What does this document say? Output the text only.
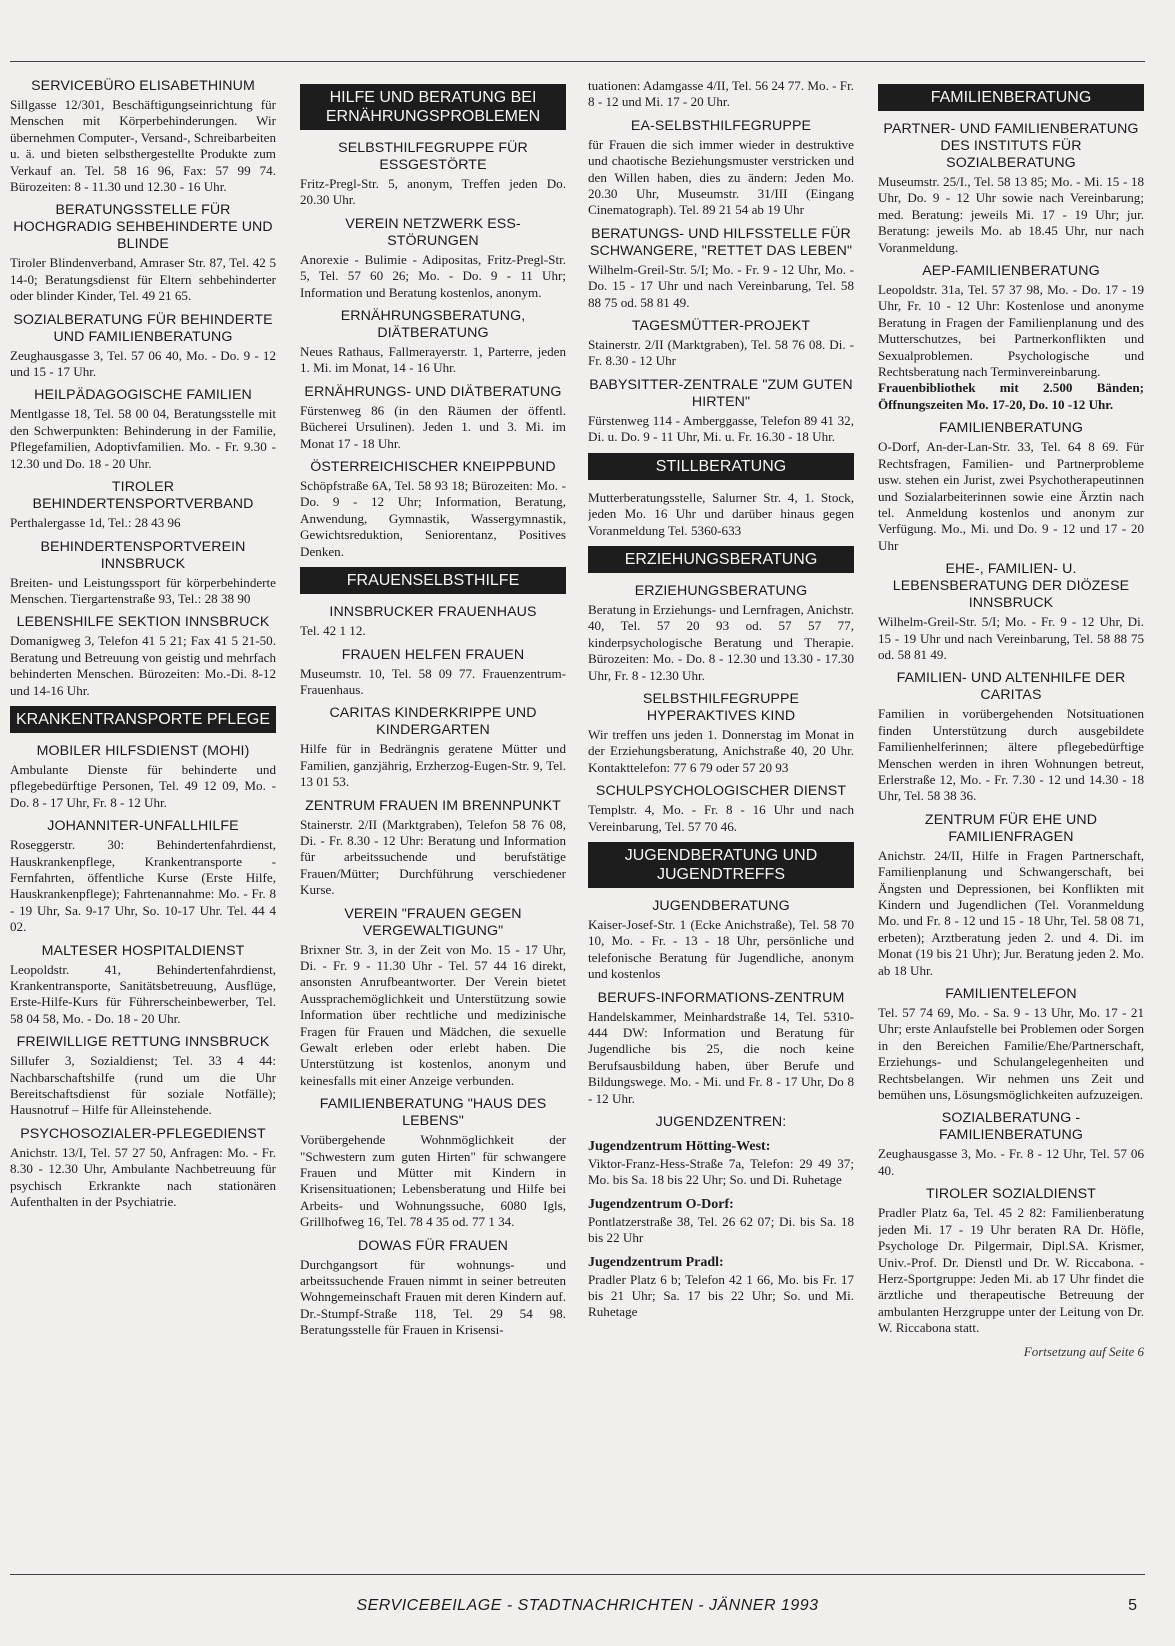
SERVICEBÜRO ELISABETHINUM

Sillgasse 12/301, Beschäftigungseinrichtung für Menschen mit Körperbehinderungen. Wir übernehmen Computer-, Versand-, Schreibarbeiten u. ä. und bieten selbsthergestellte Produkte zum Verkauf an. Tel. 58 16 96, Fax: 57 99 74. Bürozeiten: 8 - 11.30 und 12.30 - 16 Uhr.

BERATUNGSSTELLE FÜR HOCHGRADIG SEHBEHINDERTE UND BLINDE

Tiroler Blindenverband, Amraser Str. 87, Tel. 42 5 14-0; Beratungsdienst für Eltern sehbehinderter oder blinder Kinder, Tel. 49 21 65.

SOZIALBERATUNG FÜR BEHINDERTE UND FAMILIENBERATUNG

Zeughausgasse 3, Tel. 57 06 40, Mo. - Do. 9 - 12 und 15 - 17 Uhr.

HEILPÄDAGOGISCHE FAMILIEN

Mentlgasse 18, Tel. 58 00 04, Beratungsstelle mit den Schwerpunkten: Behinderung in der Familie, Pflegefamilien, Adoptivfamilien. Mo. - Fr. 9.30 - 12.30 und Do. 18 - 20 Uhr.

TIROLER BEHINDERTENSPORTVERBAND

Perthalergasse 1d, Tel.: 28 43 96

BEHINDERTENSPORTVEREIN INNSBRUCK

Breiten- und Leistungssport für körperbehinderte Menschen. Tiergartenstraße 93, Tel.: 28 38 90

LEBENSHILFE SEKTION INNSBRUCK

Domanigweg 3, Telefon 41 5 21; Fax 41 5 21-50. Beratung und Betreuung von geistig und mehrfach behinderten Menschen. Bürozeiten: Mo.-Di. 8-12 und 14-16 Uhr.

KRANKENTRANSPORTE PFLEGE
MOBILER HILFSDIENST (MOHI)

Ambulante Dienste für behinderte und pflegebedürftige Personen, Tel. 49 12 09, Mo. - Do. 8 - 17 Uhr, Fr. 8 - 12 Uhr.

JOHANNITER-UNFALLHILFE

Roseggerstr. 30: Behindertenfahrdienst, Hauskrankenpflege, Krankentransporte - Fernfahrten, öffentliche Kurse (Erste Hilfe, Hauskrankenpflege); Fahrtenannahme: Mo. - Fr. 8 - 19 Uhr, Sa. 9-17 Uhr, So. 10-17 Uhr. Tel. 44 4 02.

MALTESER HOSPITALDIENST

Leopoldstr. 41, Behindertenfahrdienst, Krankentransporte, Sanitätsbetreuung, Ausflüge, Erste-Hilfe-Kurs für Führerscheinbewerber, Tel. 58 04 58, Mo. - Do. 18 - 20 Uhr.

FREIWILLIGE RETTUNG INNSBRUCK

Sillufer 3, Sozialdienst; Tel. 33 4 44: Nachbarschaftshilfe (rund um die Uhr Bereitschaftsdienst für soziale Notfälle); Hausnotruf – Hilfe für Alleinstehende.

PSYCHOSOZIALER-PFLEGEDIENST

Anichstr. 13/I, Tel. 57 27 50, Anfragen: Mo. - Fr. 8.30 - 12.30 Uhr, Ambulante Nachbetreuung für psychisch Erkrankte nach stationären Aufenthalten in der Psychiatrie.

HILFE UND BERATUNG BEI ERNÄHRUNGSPROBLEMEN
SELBSTHILFEGRUPPE FÜR ESSGESTÖRTE

Fritz-Pregl-Str. 5, anonym, Treffen jeden Do. 20.30 Uhr.

VEREIN NETZWERK ESS-STÖRUNGEN

Anorexie - Bulimie - Adipositas, Fritz-Pregl-Str. 5, Tel. 57 60 26; Mo. - Do. 9 - 11 Uhr; Information und Beratung kostenlos, anonym.

ERNÄHRUNGSBERATUNG, DIÄTBERATUNG

Neues Rathaus, Fallmerayerstr. 1, Parterre, jeden 1. Mi. im Monat, 14 - 16 Uhr.

ERNÄHRUNGS- UND DIÄTBERATUNG

Fürstenweg 86 (in den Räumen der öffentl. Bücherei Ursulinen). Jeden 1. und 3. Mi. im Monat 17 - 18 Uhr.

ÖSTERREICHISCHER KNEIPPBUND

Schöpfstraße 6A, Tel. 58 93 18; Bürozeiten: Mo. - Do. 9 - 12 Uhr; Information, Beratung, Anwendung, Gymnastik, Wassergymnastik, Gewichtsreduktion, Seniorentanz, Positives Denken.

FRAUENSELBSTHILFE
INNSBRUCKER FRAUENHAUS

Tel. 42 1 12.

FRAUEN HELFEN FRAUEN

Museumstr. 10, Tel. 58 09 77. Frauenzentrum-Frauenhaus.

CARITAS KINDERKRIPPE UND KINDERGARTEN

Hilfe für in Bedrängnis geratene Mütter und Familien, ganzjährig, Erzherzog-Eugen-Str. 9, Tel. 13 01 53.

ZENTRUM FRAUEN IM BRENNPUNKT

Stainerstr. 2/II (Marktgraben), Telefon 58 76 08, Di. - Fr. 8.30 - 12 Uhr: Beratung und Information für arbeitssuchende und berufstätige Frauen/Mütter; Durchführung verschiedener Kurse.

VEREIN "FRAUEN GEGEN VERGEWALTIGUNG"

Brixner Str. 3, in der Zeit von Mo. 15 - 17 Uhr, Di. - Fr. 9 - 11.30 Uhr - Tel. 57 44 16 direkt, ansonsten Anrufbeantworter. Der Verein bietet Aussprachemöglichkeit und Unterstützung sowie Information über rechtliche und medizinische Fragen für Frauen und Mädchen, die sexuelle Gewalt erleben oder erlebt haben. Die Unterstützung ist kostenlos, anonym und keinesfalls mit einer Anzeige verbunden.

FAMILIENBERATUNG "HAUS DES LEBENS"

Vorübergehende Wohnmöglichkeit der "Schwestern zum guten Hirten" für schwangere Frauen und Mütter mit Kindern in Krisensituationen; Lebensberatung und Hilfe bei Arbeits- und Wohnungssuche, 6080 Igls, Grillhofweg 16, Tel. 78 4 35 od. 77 1 34.

DOWAS FÜR FRAUEN

Durchgangsort für wohnungs- und arbeitssuchende Frauen nimmt in seiner betreuten Wohngemeinschaft Frauen mit deren Kindern auf. Dr.-Stumpf-Straße 118, Tel. 29 54 98. Beratungsstelle für Frauen in Krisensi-

tuationen: Adamgasse 4/II, Tel. 56 24 77. Mo. - Fr. 8 - 12 und Mi. 17 - 20 Uhr.

EA-SELBSTHILFEGRUPPE

für Frauen die sich immer wieder in destruktive und chaotische Beziehungsmuster verstricken und den Willen haben, dies zu ändern: Jeden Mo. 20.30 Uhr, Museumstr. 31/III (Eingang Cinematograph). Tel. 89 21 54 ab 19 Uhr

BERATUNGS- UND HILFSSTELLE FÜR SCHWANGERE, "RETTET DAS LEBEN"

Wilhelm-Greil-Str. 5/I; Mo. - Fr. 9 - 12 Uhr, Mo. - Do. 15 - 17 Uhr und nach Vereinbarung, Tel. 58 88 75 od. 58 81 49.

TAGESMÜTTER-PROJEKT

Stainerstr. 2/II (Marktgraben), Tel. 58 76 08. Di. - Fr. 8.30 - 12 Uhr

BABYSITTER-ZENTRALE "ZUM GUTEN HIRTEN"

Fürstenweg 114 - Amberggasse, Telefon 89 41 32, Di. u. Do. 9 - 11 Uhr, Mi. u. Fr. 16.30 - 18 Uhr.

STILLBERATUNG

Mutterberatungsstelle, Salurner Str. 4, 1. Stock, jeden Mo. 16 Uhr und darüber hinaus gegen Voranmeldung Tel. 5360-633

ERZIEHUNGSBERATUNG
ERZIEHUNGSBERATUNG

Beratung in Erziehungs- und Lernfragen, Anichstr. 40, Tel. 57 20 93 od. 57 57 77, kinderpsychologische Beratung und Therapie. Bürozeiten: Mo. - Do. 8 - 12.30 und 13.30 - 17.30 Uhr, Fr. 8 - 12.30 Uhr.

SELBSTHILFEGRUPPE HYPERAKTIVES KIND

Wir treffen uns jeden 1. Donnerstag im Monat in der Erziehungsberatung, Anichstraße 40, 20 Uhr. Kontakttelefon: 77 6 79 oder 57 20 93

SCHULPSYCHOLOGISCHER DIENST

Templstr. 4, Mo. - Fr. 8 - 16 Uhr und nach Vereinbarung, Tel. 57 70 46.

JUGENDBERATUNG UND JUGENDTREFFS
JUGENDBERATUNG

Kaiser-Josef-Str. 1 (Ecke Anichstraße), Tel. 58 70 10, Mo. - Fr. - 13 - 18 Uhr, persönliche und telefonische Beratung für Jugendliche, anonym und kostenlos

BERUFS-INFORMATIONS-ZENTRUM

Handelskammer, Meinhardstraße 14, Tel. 5310-444 DW: Information und Beratung für Jugendliche bis 25, die noch keine Berufsausbildung haben, über Berufe und Bildungswege. Mo. - Mi. und Fr. 8 - 17 Uhr, Do 8 - 12 Uhr.

JUGENDZENTREN:
Jugendzentrum Hötting-West:

Viktor-Franz-Hess-Straße 7a, Telefon: 29 49 37; Mo. bis Sa. 18 bis 22 Uhr; So. und Di. Ruhetage

Jugendzentrum O-Dorf:

Pontlatzerstraße 38, Tel. 26 62 07; Di. bis Sa. 18 bis 22 Uhr

Jugendzentrum Pradl:

Pradler Platz 6 b; Telefon 42 1 66, Mo. bis Fr. 17 bis 21 Uhr; Sa. 17 bis 22 Uhr; So. und Mi. Ruhetage

FAMILIENBERATUNG
PARTNER- UND FAMILIENBERATUNG DES INSTITUTS FÜR SOZIALBERATUNG

Museumstr. 25/I., Tel. 58 13 85; Mo. - Mi. 15 - 18 Uhr, Do. 9 - 12 Uhr sowie nach Vereinbarung; med. Beratung: jeweils Mi. 17 - 19 Uhr; jur. Beratung: jeweils Mo. ab 18.45 Uhr, nur nach Voranmeldung.

AEP-FAMILIENBERATUNG

Leopoldstr. 31a, Tel. 57 37 98, Mo. - Do. 17 - 19 Uhr, Fr. 10 - 12 Uhr: Kostenlose und anonyme Beratung in Fragen der Familienplanung und des Mutterschutzes, bei Partnerkonflikten und Sexualproblemen. Psychologische und Rechtsberatung nach Terminvereinbarung.

Frauenbibliothek mit 2.500 Bänden; Öffnungszeiten Mo. 17-20, Do. 10 -12 Uhr.

FAMILIENBERATUNG

O-Dorf, An-der-Lan-Str. 33, Tel. 64 8 69. Für Rechtsfragen, Familien- und Partnerprobleme usw. stehen ein Jurist, zwei Psychotherapeutinnen und Sozialarbeiterinnen sowie eine Ärztin nach tel. Anmeldung kostenlos und anonym zur Verfügung. Mo., Mi. und Do. 9 - 12 und 17 - 20 Uhr

EHE-, FAMILIEN- U. LEBENSBERATUNG DER DIÖZESE INNSBRUCK

Wilhelm-Greil-Str. 5/I; Mo. - Fr. 9 - 12 Uhr, Di. 15 - 19 Uhr und nach Vereinbarung, Tel. 58 88 75 od. 58 81 49.

FAMILIEN- UND ALTENHILFE DER CARITAS

Familien in vorübergehenden Notsituationen finden Unterstützung durch ausgebildete Familienhelferinnen; ältere pflegebedürftige Menschen werden in ihren Wohnungen betreut, Erlerstraße 12, Mo. - Fr. 7.30 - 12 und 14.30 - 18 Uhr, Tel. 58 38 36.

ZENTRUM FÜR EHE UND FAMILIENFRAGEN

Anichstr. 24/II, Hilfe in Fragen Partnerschaft, Familienplanung und Schwangerschaft, bei Ängsten und Depressionen, bei Konflikten mit Kindern und Jugendlichen (Tel. Voranmeldung Mo. und Fr. 8 - 12 und 15 - 18 Uhr, Tel. 58 08 71, erbeten); Arztberatung jeden 2. und 4. Di. im Monat (19 bis 21 Uhr); Jur. Beratung jeden 2. Mo. ab 18 Uhr.

FAMILIENTELEFON

Tel. 57 74 69, Mo. - Sa. 9 - 13 Uhr, Mo. 17 - 21 Uhr; erste Anlaufstelle bei Problemen oder Sorgen in den Bereichen Familie/Ehe/Partnerschaft, Erziehungs- und Schulangelegenheiten und Rechtsbelangen. Wir nehmen uns Zeit und bemühen uns, Lösungsmöglichkeiten aufzuzeigen.

SOZIALBERATUNG - FAMILIENBERATUNG

Zeughausgasse 3, Mo. - Fr. 8 - 12 Uhr, Tel. 57 06 40.

TIROLER SOZIALDIENST

Pradler Platz 6a, Tel. 45 2 82: Familienberatung jeden Mi. 17 - 19 Uhr beraten RA Dr. Höfle, Psychologe Dr. Pilgermair, Dipl.SA. Krismer, Univ.-Prof. Dr. Dienstl und Dr. W. Riccabona. - Herz-Sportgruppe: Jeden Mi. ab 17 Uhr findet die ärztliche und therapeutische Betreuung der ambulanten Herzgruppe unter der Leitung von Dr. W. Riccabona statt.

Fortsetzung auf Seite 6
SERVICEBEILAGE - STADTNACHRICHTEN - JÄNNER 1993	5
